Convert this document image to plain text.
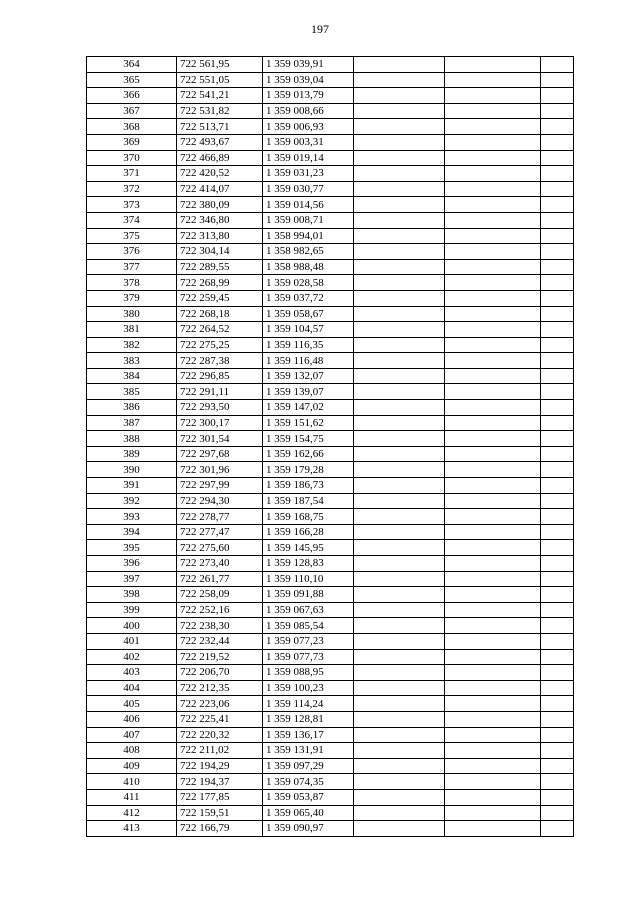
197
364	722 561,95	1 359 039,91			
365	722 551,05	1 359 039,04			
366	722 541,21	1 359 013,79			
367	722 531,82	1 359 008,66			
368	722 513,71	1 359 006,93			
369	722 493,67	1 359 003,31			
370	722 466,89	1 359 019,14			
371	722 420,52	1 359 031,23			
372	722 414,07	1 359 030,77			
373	722 380,09	1 359 014,56			
374	722 346,80	1 359 008,71			
375	722 313,80	1 358 994,01			
376	722 304,14	1 358 982,65			
377	722 289,55	1 358 988,48			
378	722 268,99	1 359 028,58			
379	722 259,45	1 359 037,72			
380	722 268,18	1 359 058,67			
381	722 264,52	1 359 104,57			
382	722 275,25	1 359 116,35			
383	722 287,38	1 359 116,48			
384	722 296,85	1 359 132,07			
385	722 291,11	1 359 139,07			
386	722 293,50	1 359 147,02			
387	722 300,17	1 359 151,62			
388	722 301,54	1 359 154,75			
389	722 297,68	1 359 162,66			
390	722 301,96	1 359 179,28			
391	722 297,99	1 359 186,73			
392	722 294,30	1 359 187,54			
393	722 278,77	1 359 168,75			
394	722 277,47	1 359 166,28			
395	722 275,60	1 359 145,95			
396	722 273,40	1 359 128,83			
397	722 261,77	1 359 110,10			
398	722 258,09	1 359 091,88			
399	722 252,16	1 359 067,63			
400	722 238,30	1 359 085,54			
401	722 232,44	1 359 077,23			
402	722 219,52	1 359 077,73			
403	722 206,70	1 359 088,95			
404	722 212,35	1 359 100,23			
405	722 223,06	1 359 114,24			
406	722 225,41	1 359 128,81			
407	722 220,32	1 359 136,17			
408	722 211,02	1 359 131,91			
409	722 194,29	1 359 097,29			
410	722 194,37	1 359 074,35			
411	722 177,85	1 359 053,87			
412	722 159,51	1 359 065,40			
413	722 166,79	1 359 090,97			
